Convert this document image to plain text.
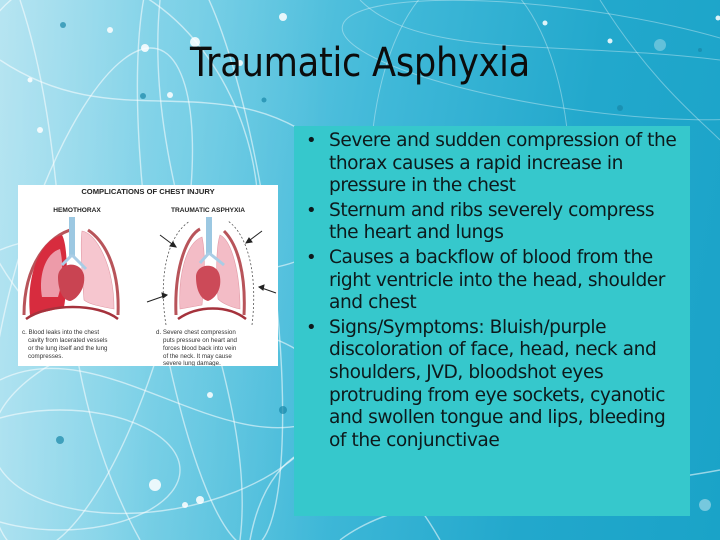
Traumatic Asphyxia
COMPLICATIONS OF CHEST INJURY
HEMOTHORAX	TRAUMATIC ASPHYXIA
c. Blood leaks into the chest
cavity from lacerated vessels
or the lung itself and the lung
compresses.
d. Severe chest compression
puts pressure on heart and
forces blood back into vein
of the neck. It may cause
severe lung damage.
• Severe and sudden compression of the thorax causes a rapid increase in pressure in the chest
• Sternum and ribs severely compress the heart and lungs
• Causes a backflow of blood from the right ventricle into the head, shoulder and chest
• Signs/Symptoms: Bluish/purple discoloration of face, head, neck and shoulders, JVD, bloodshot eyes protruding from eye sockets, cyanotic and swollen tongue and lips, bleeding of the conjunctivae
